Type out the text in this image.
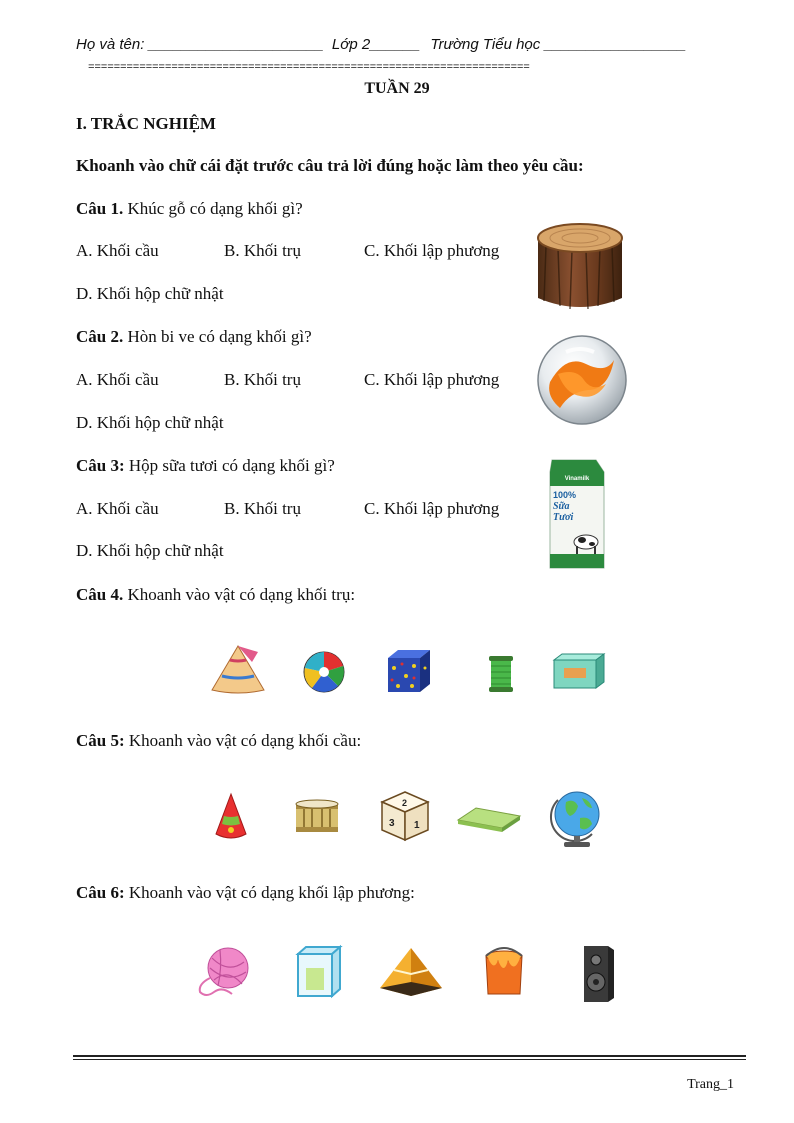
Họ và tên: _____________________ Lớp 2______ Trường Tiểu học _________________
=====================================================================
TUẦN 29
I. TRẮC NGHIỆM
Khoanh vào chữ cái đặt trước câu trả lời đúng hoặc làm theo yêu cầu:
Câu 1. Khúc gỗ có dạng khối gì?
A. Khối cầu	B. Khối trụ	C. Khối lập phương
D. Khối hộp chữ nhật
Câu 2. Hòn bi ve có dạng khối gì?
A. Khối cầu	B. Khối trụ	C. Khối lập phương
D. Khối hộp chữ nhật
Câu 3: Hộp sữa tươi có dạng khối gì?
A. Khối cầu	B. Khối trụ	C. Khối lập phương
D. Khối hộp chữ nhật
Vinamilk
100%
Sữa
Tươi
Câu 4. Khoanh vào vật có dạng khối trụ:
Câu 5: Khoanh vào vật có dạng khối cầu:
2
3 1
Câu 6: Khoanh vào vật có dạng khối lập phương:
Trang_1
